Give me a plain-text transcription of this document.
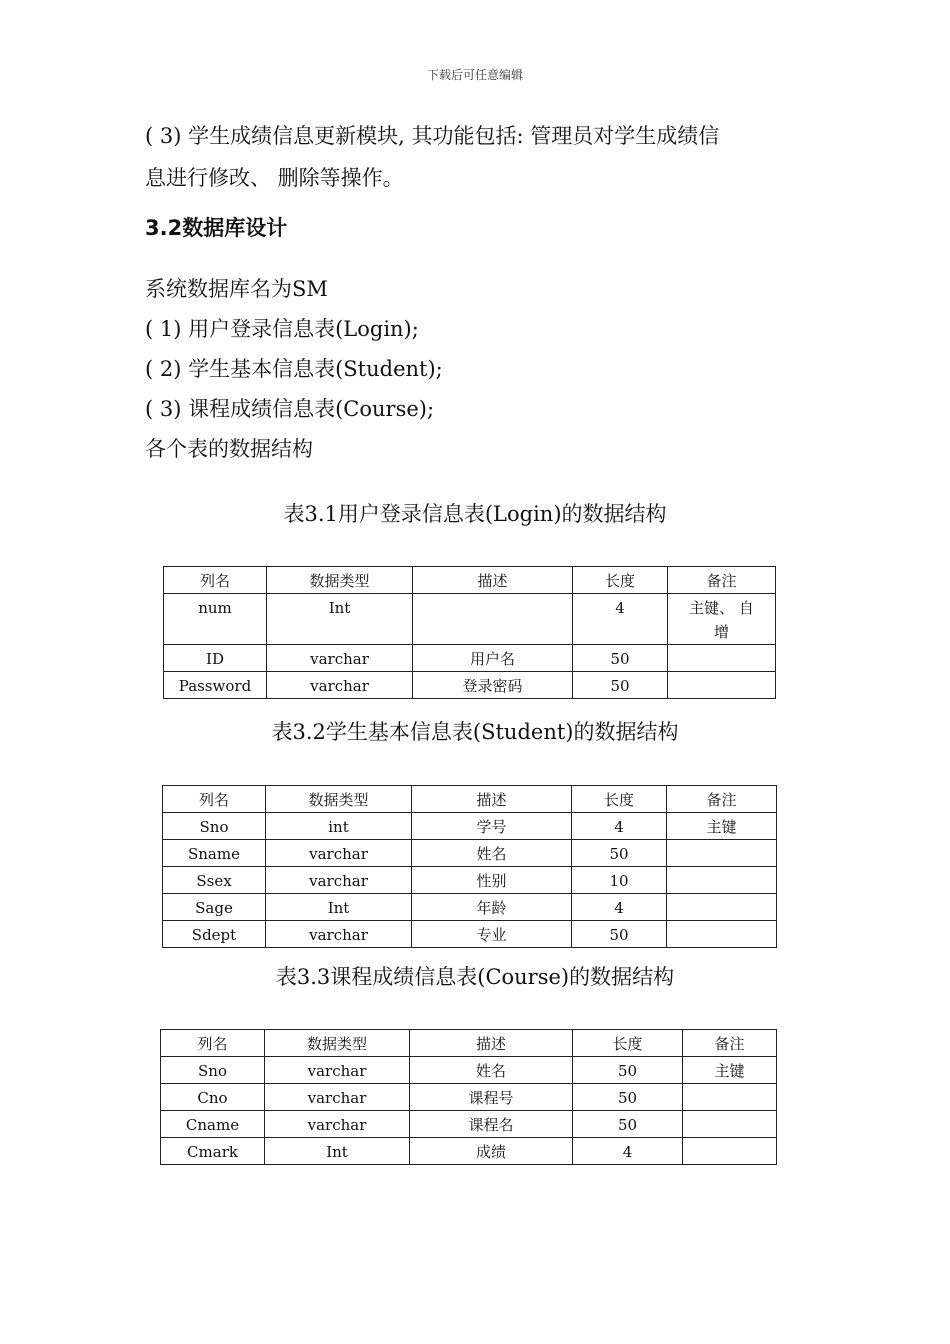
下载后可任意编辑
( 3) 学生成绩信息更新模块, 其功能包括: 管理员对学生成绩信
息进行修改、 删除等操作。
3.2数据库设计
系统数据库名为SM
( 1) 用户登录信息表(Login);
( 2) 学生基本信息表(Student);
( 3) 课程成绩信息表(Course);
各个表的数据结构
表3.1用户登录信息表(Login)的数据结构
列名	数据类型	描述	长度	备注
num	Int		4	主键、 自增
ID	varchar	用户名	50	
Password	varchar	登录密码	50	
表3.2学生基本信息表(Student)的数据结构
列名	数据类型	描述	长度	备注
Sno	int	学号	4	主键
Sname	varchar	姓名	50	
Ssex	varchar	性别	10	
Sage	Int	年龄	4	
Sdept	varchar	专业	50	
表3.3课程成绩信息表(Course)的数据结构
列名	数据类型	描述	长度	备注
Sno	varchar	姓名	50	主键
Cno	varchar	课程号	50	
Cname	varchar	课程名	50	
Cmark	Int	成绩	4	
